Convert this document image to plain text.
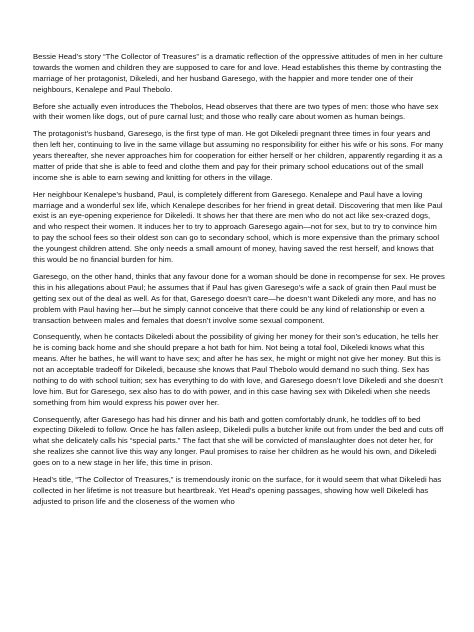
Bessie Head’s story “The Collector of Treasures” is a dramatic reflection of the oppressive attitudes of men in her culture towards the women and children they are supposed to care for and love. Head establishes this theme by contrasting the marriage of her protagonist, Dikeledi, and her husband Garesego, with the happier and more tender one of their neighbours, Kenalepe and Paul Thebolo.

Before she actually even introduces the Thebolos, Head observes that there are two types of men: those who have sex with their women like dogs, out of pure carnal lust; and those who really care about women as human beings.

The protagonist’s husband, Garesego, is the first type of man. He got Dikeledi pregnant three times in four years and then left her, continuing to live in the same village but assuming no responsibility for either his wife or his sons. For many years thereafter, she never approaches him for cooperation for either herself or her children, apparently regarding it as a matter of pride that she is able to feed and clothe them and pay for their primary school educations out of the small income she is able to earn sewing and knitting for others in the village.

Her neighbour Kenalepe’s husband, Paul, is completely different from Garesego. Kenalepe and Paul have a loving marriage and a wonderful sex life, which Kenalepe describes for her friend in great detail. Discovering that men like Paul exist is an eye-opening experience for Dikeledi. It shows her that there are men who do not act like sex-crazed dogs, and who respect their women. It induces her to try to approach Garesego again—not for sex, but to try to convince him to pay the school fees so their oldest son can go to secondary school, which is more expensive than the primary school the youngest children attend. She only needs a small amount of money, having saved the rest herself, and knows that this would be no financial burden for him.

Garesego, on the other hand, thinks that any favour done for a woman should be done in recompense for sex. He proves this in his allegations about Paul; he assumes that if Paul has given Garesego’s wife a sack of grain then Paul must be getting sex out of the deal as well. As for that, Garesego doesn’t care—he doesn’t want Dikeledi any more, and has no problem with Paul having her—but he simply cannot conceive that there could be any kind of relationship or even a transaction between males and females that doesn’t involve some sexual component.

Consequently, when he contacts Dikeledi about the possibility of giving her money for their son’s education, he tells her he is coming back home and she should prepare a hot bath for him. Not being a total fool, Dikeledi knows what this means. After he bathes, he will want to have sex; and after he has sex, he might or might not give her money. But this is not an acceptable tradeoff for Dikeledi, because she knows that Paul Thebolo would demand no such thing. Sex has nothing to do with school tuition; sex has everything to do with love, and Garesego doesn’t love Dikeledi and she doesn’t love him. But for Garesego, sex also has to do with power, and in this case having sex with Dikeledi when she needs something from him would express his power over her.

Consequently, after Garesego has had his dinner and his bath and gotten comfortably drunk, he toddles off to bed expecting Dikeledi to follow. Once he has fallen asleep, Dikeledi pulls a butcher knife out from under the bed and cuts off what she delicately calls his “special parts.” The fact that she will be convicted of manslaughter does not deter her, for she realizes she cannot live this way any longer. Paul promises to raise her children as he would his own, and Dikeledi goes on to a new stage in her life, this time in prison.

Head’s title, “The Collector of Treasures,” is tremendously ironic on the surface, for it would seem that what Dikeledi has collected in her lifetime is not treasure but heartbreak. Yet Head’s opening passages, showing how well Dikeledi has adjusted to prison life and the closeness of the women who
